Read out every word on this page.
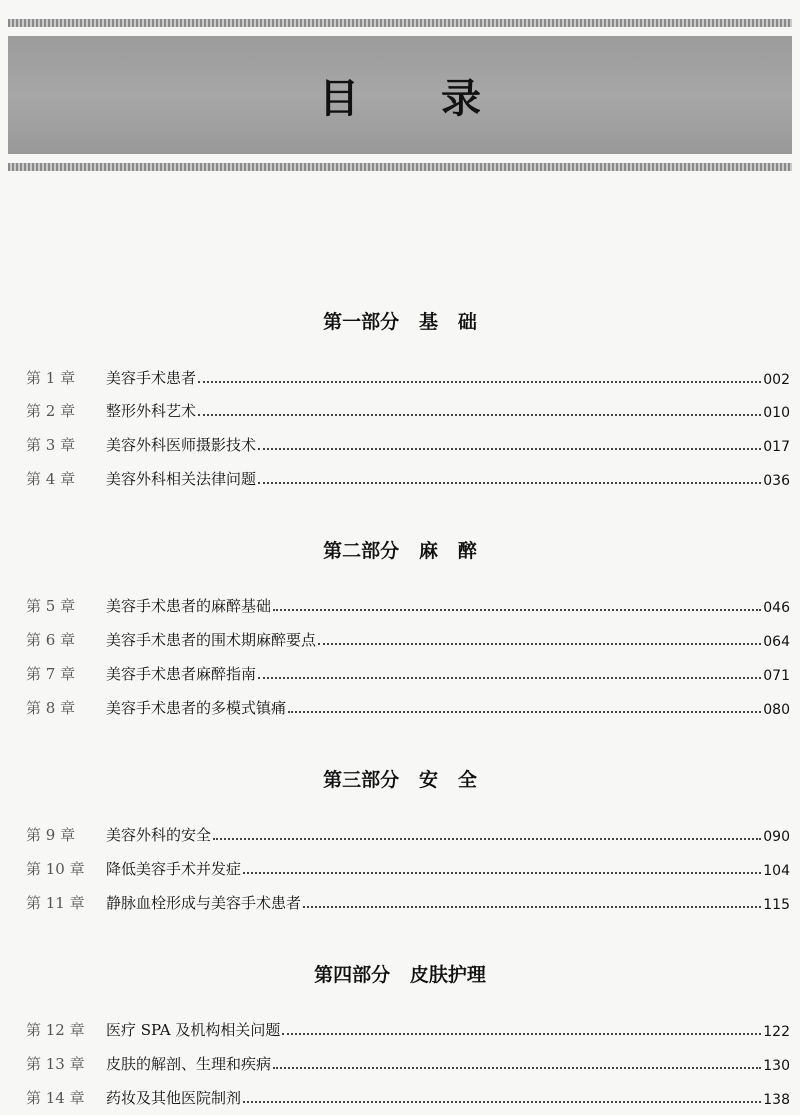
目 录
第一部分   基   础
第 1 章	美容手术患者	002
第 2 章	整形外科艺术	010
第 3 章	美容外科医师摄影技术	017
第 4 章	美容外科相关法律问题	036
第二部分   麻   醉
第 5 章	美容手术患者的麻醉基础	046
第 6 章	美容手术患者的围术期麻醉要点	064
第 7 章	美容手术患者麻醉指南	071
第 8 章	美容手术患者的多模式镇痛	080
第三部分   安   全
第 9 章	美容外科的安全	090
第 10 章	降低美容手术并发症	104
第 11 章	静脉血栓形成与美容手术患者	115
第四部分   皮肤护理
第 12 章	医疗 SPA 及机构相关问题	122
第 13 章	皮肤的解剖、生理和疾病	130
第 14 章	药妆及其他医院制剂	138
